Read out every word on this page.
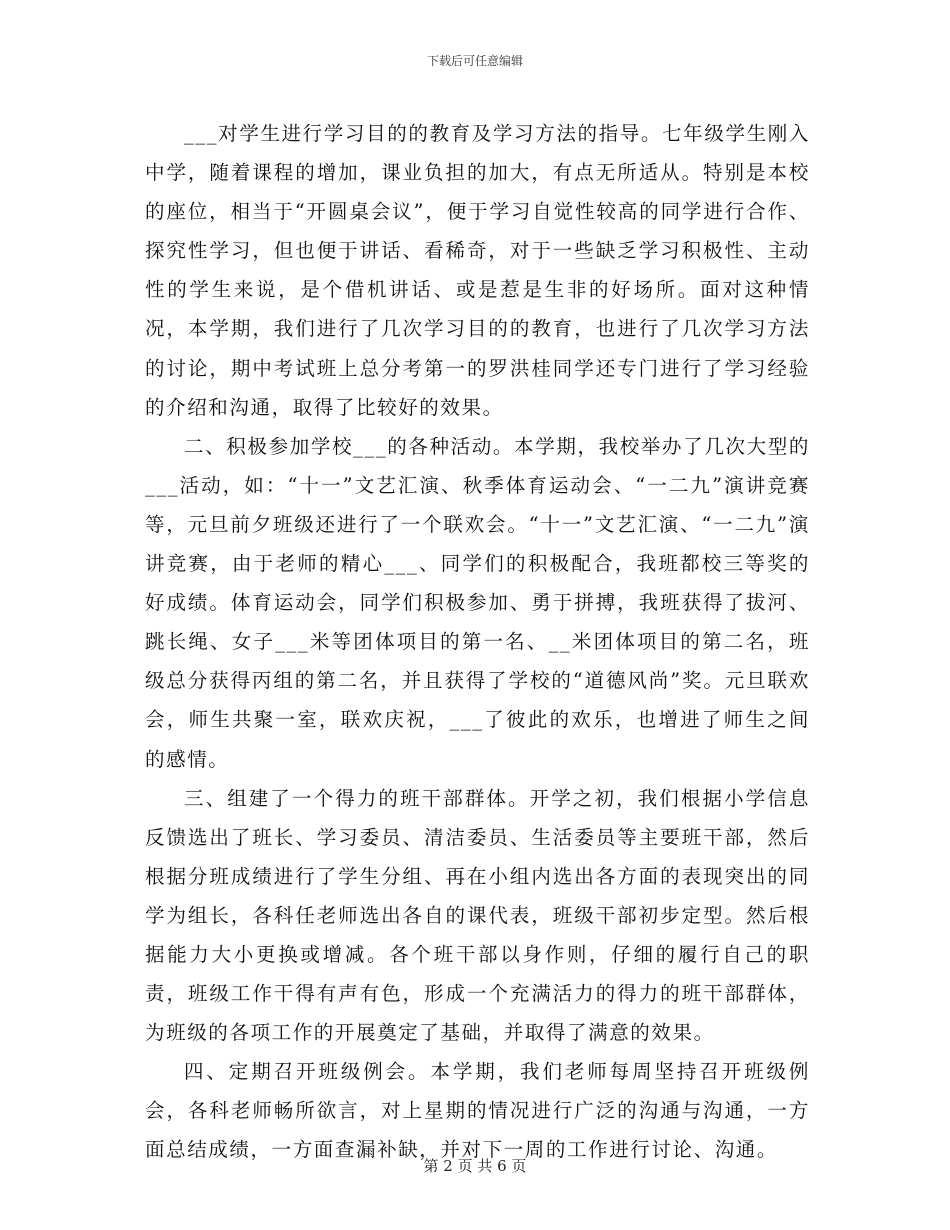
下载后可任意编辑

___对学生进行学习目的的教育及学习方法的指导。七年级学生刚入中学，随着课程的增加，课业负担的加大，有点无所适从。特别是本校的座位，相当于“开圆桌会议”，便于学习自觉性较高的同学进行合作、探究性学习，但也便于讲话、看稀奇，对于一些缺乏学习积极性、主动性的学生来说，是个借机讲话、或是惹是生非的好场所。面对这种情况，本学期，我们进行了几次学习目的的教育，也进行了几次学习方法的讨论，期中考试班上总分考第一的罗洪桂同学还专门进行了学习经验的介绍和沟通，取得了比较好的效果。

二、积极参加学校___的各种活动。本学期，我校举办了几次大型的___活动，如：“十一”文艺汇演、秋季体育运动会、“一二九”演讲竞赛等，元旦前夕班级还进行了一个联欢会。“十一”文艺汇演、“一二九”演讲竞赛，由于老师的精心___、同学们的积极配合，我班都校三等奖的好成绩。体育运动会，同学们积极参加、勇于拼搏，我班获得了拔河、跳长绳、女子___米等团体项目的第一名、__米团体项目的第二名，班级总分获得丙组的第二名，并且获得了学校的“道德风尚”奖。元旦联欢会，师生共聚一室，联欢庆祝，___了彼此的欢乐，也增进了师生之间的感情。

三、组建了一个得力的班干部群体。开学之初，我们根据小学信息反馈选出了班长、学习委员、清洁委员、生活委员等主要班干部，然后根据分班成绩进行了学生分组、再在小组内选出各方面的表现突出的同学为组长，各科任老师选出各自的课代表，班级干部初步定型。然后根据能力大小更换或增减。各个班干部以身作则，仔细的履行自己的职责，班级工作干得有声有色，形成一个充满活力的得力的班干部群体，为班级的各项工作的开展奠定了基础，并取得了满意的效果。

四、定期召开班级例会。本学期，我们老师每周坚持召开班级例会，各科老师畅所欲言，对上星期的情况进行广泛的沟通与沟通，一方面总结成绩，一方面查漏补缺，并对下一周的工作进行讨论、沟通。

第 2 页 共 6 页
